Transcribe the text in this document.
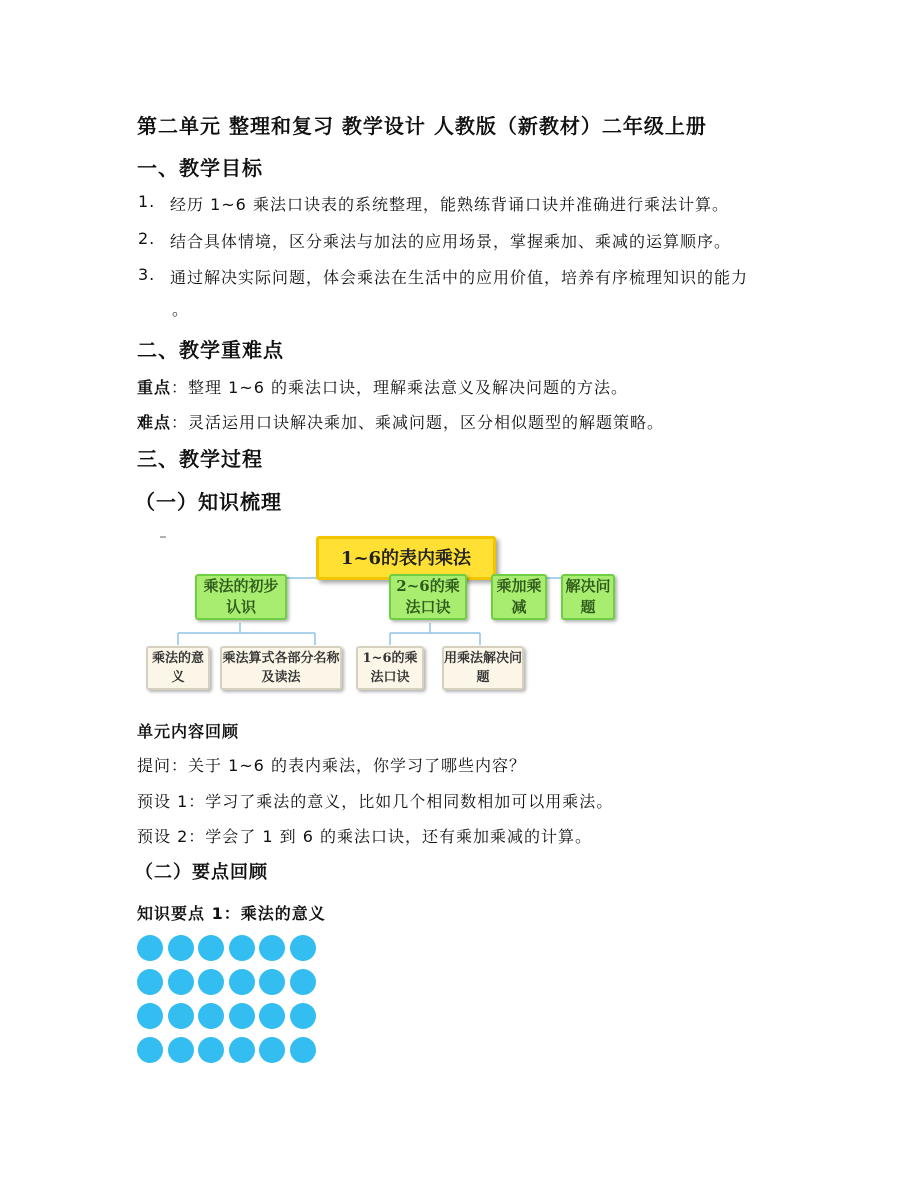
第二单元 整理和复习 教学设计 人教版（新教材）二年级上册
一、教学目标
1. 经历 1~6 乘法口诀表的系统整理，能熟练背诵口诀并准确进行乘法计算。
2. 结合具体情境，区分乘法与加法的应用场景，掌握乘加、乘减的运算顺序。
3. 通过解决实际问题，体会乘法在生活中的应用价值，培养有序梳理知识的能力
。
二、教学重难点
重点：整理 1~6 的乘法口诀，理解乘法意义及解决问题的方法。
难点：灵活运用口诀解决乘加、乘减问题，区分相似题型的解题策略。
三、教学过程
（一）知识梳理
1~6的表内乘法
乘法的初步认识
2~6的乘法口诀
乘加乘减
解决问题
乘法的意义
乘法算式各部分名称及读法
1~6的乘法口诀
用乘法解决问题
单元内容回顾
提问：关于 1~6 的表内乘法，你学习了哪些内容？
预设 1：学习了乘法的意义，比如几个相同数相加可以用乘法。
预设 2：学会了 1 到 6 的乘法口诀，还有乘加乘减的计算。
（二）要点回顾
知识要点 1：乘法的意义
